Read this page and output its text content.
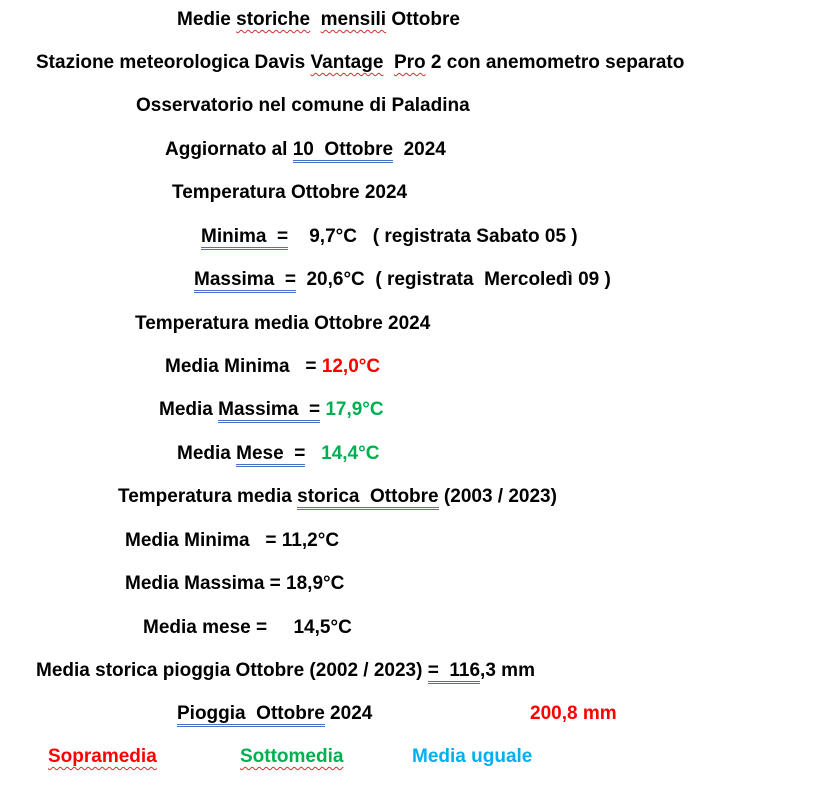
Medie storiche mensili Ottobre
Stazione meteorologica Davis Vantage Pro 2 con anemometro separato
Osservatorio nel comune di Paladina
Aggiornato al 10  Ottobre  2024
Temperatura Ottobre 2024
Minima  =    9,7°C   ( registrata Sabato 05 )
Massima  =  20,6°C  ( registrata  Mercoledì 09 )
Temperatura media Ottobre 2024
Media Minima   = 12,0°C
Media Massima  = 17,9°C
Media Mese  =   14,4°C
Temperatura media storica  Ottobre (2003 / 2023)
Media Minima   = 11,2°C
Media Massima = 18,9°C
Media mese =     14,5°C
Media storica pioggia Ottobre (2002 / 2023) =  116,3 mm
Pioggia  Ottobre 2024	200,8 mm
Sopramedia	Sottomedia	Media uguale
